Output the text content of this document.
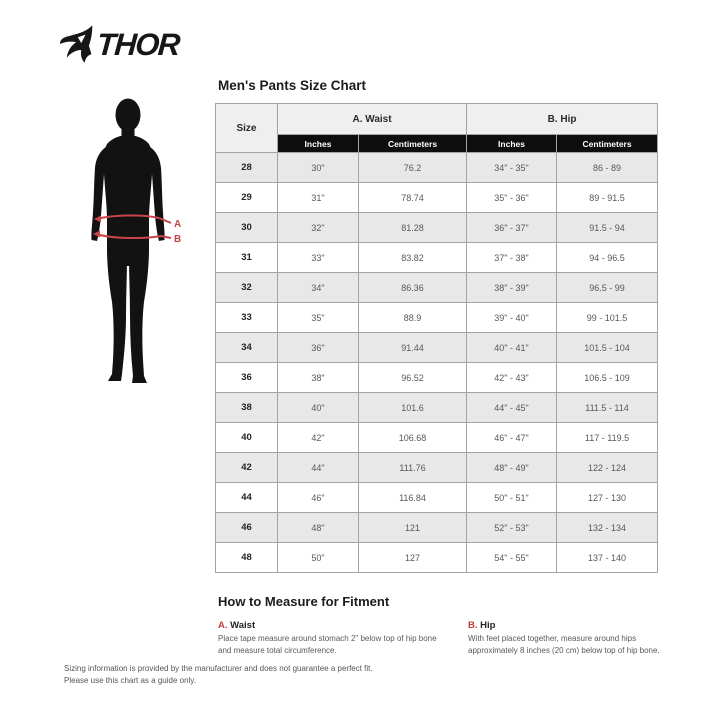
THOR
Men's Pants Size Chart
A
B
Size	A. Waist		B. Hip	
	Inches	Centimeters	Inches	Centimeters
28	30"	76.2	34" - 35"	86 - 89
29	31"	78.74	35" - 36"	89 - 91.5
30	32"	81.28	36" - 37"	91.5 - 94
31	33"	83.82	37" - 38"	94 - 96.5
32	34"	86.36	38" - 39"	96.5 - 99
33	35"	88.9	39" - 40"	99 - 101.5
34	36"	91.44	40" - 41"	101.5 - 104
36	38"	96.52	42" - 43"	106.5 - 109
38	40"	101.6	44" - 45"	111.5 - 114
40	42"	106.68	46" - 47"	117 - 119.5
42	44"	111.76	48" - 49"	122 - 124
44	46"	116.84	50" - 51"	127 - 130
46	48"	121	52" - 53"	132 - 134
48	50"	127	54" - 55"	137 - 140
How to Measure for Fitment
A. Waist

Place tape measure around stomach 2" below top of hip bone and measure total circumference.

B. Hip

With feet placed together, measure around hips approximately 8 inches (20 cm) below top of hip bone.

Sizing information is provided by the manufacturer and does not guarantee a perfect fit.
Please use this chart as a guide only.
